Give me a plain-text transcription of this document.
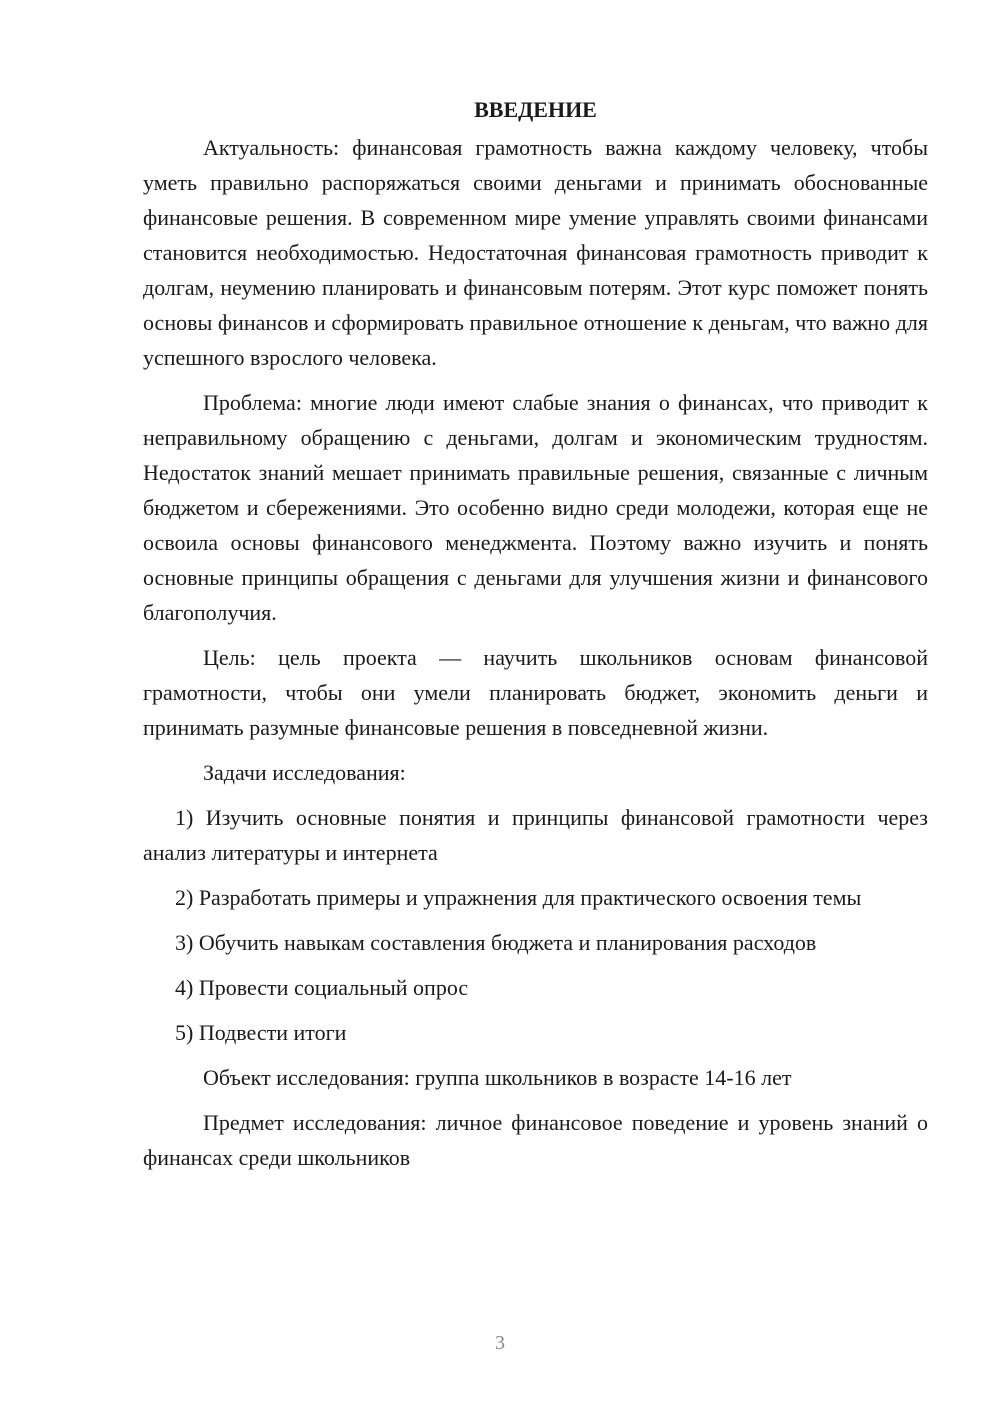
ВВЕДЕНИЕ

Актуальность: финансовая грамотность важна каждому человеку, чтобы уметь правильно распоряжаться своими деньгами и принимать обоснованные финансовые решения. В современном мире умение управлять своими финансами становится необходимостью. Недостаточная финансовая грамотность приводит к долгам, неумению планировать и финансовым потерям. Этот курс поможет понять основы финансов и сформировать правильное отношение к деньгам, что важно для успешного взрослого человека.

Проблема: многие люди имеют слабые знания о финансах, что приводит к неправильному обращению с деньгами, долгам и экономическим трудностям. Недостаток знаний мешает принимать правильные решения, связанные с личным бюджетом и сбережениями. Это особенно видно среди молодежи, которая еще не освоила основы финансового менеджмента. Поэтому важно изучить и понять основные принципы обращения с деньгами для улучшения жизни и финансового благополучия.

Цель: цель проекта — научить школьников основам финансовой грамотности, чтобы они умели планировать бюджет, экономить деньги и принимать разумные финансовые решения в повседневной жизни.

Задачи исследования:

1) Изучить основные понятия и принципы финансовой грамотности через анализ литературы и интернета

2) Разработать примеры и упражнения для практического освоения темы

3) Обучить навыкам составления бюджета и планирования расходов

4) Провести социальный опрос

5) Подвести итоги

Объект исследования: группа школьников в возрасте 14-16 лет

Предмет исследования: личное финансовое поведение и уровень знаний о финансах среди школьников

3
